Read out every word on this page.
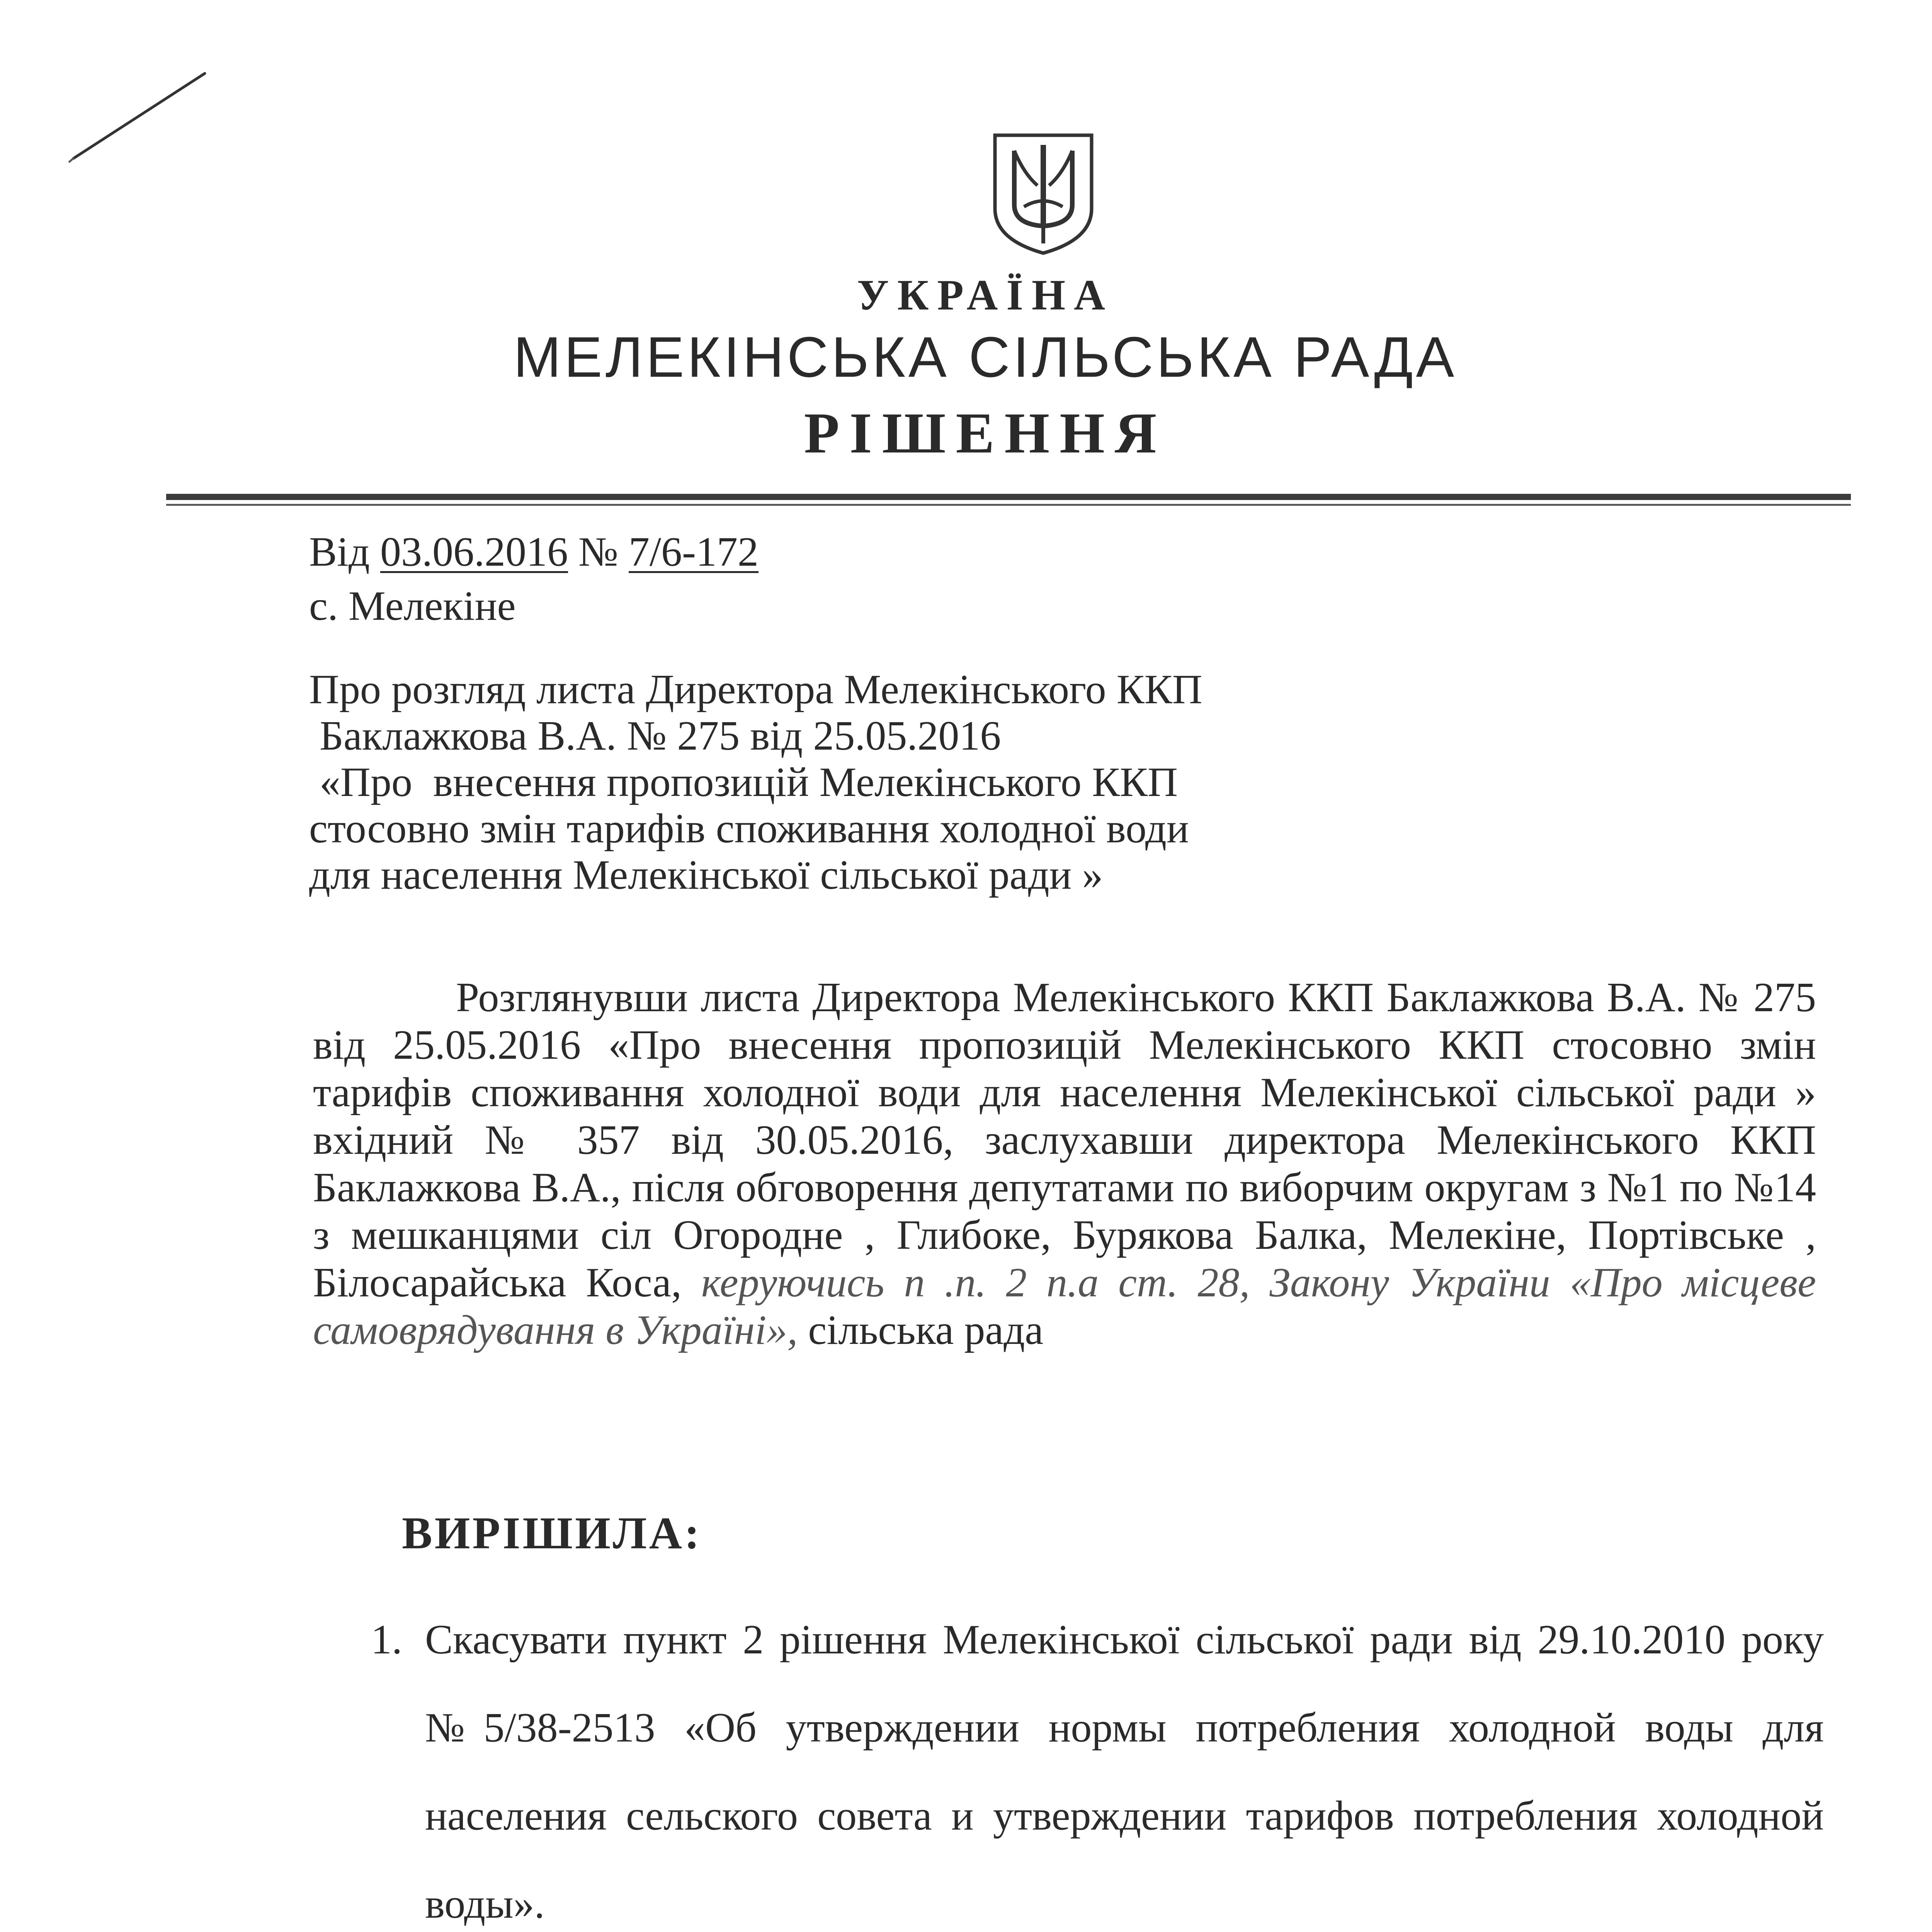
УКРАЇНА
МЕЛЕКІНСЬКА СІЛЬСЬКА РАДА
РІШЕННЯ
Від 03.06.2016 № 7/6-172
с. Мелекіне
Про розгляд листа Директора Мелекінського ККП
Баклажкова В.А. № 275 від 25.05.2016
«Про  внесення пропозицій Мелекінського ККП
стосовно змін тарифів споживання холодної води
для населення Мелекінської сільської ради »
Розглянувши листа Директора Мелекінського ККП Баклажкова В.А. № 275 від 25.05.2016 «Про внесення пропозицій Мелекінського ККП стосовно змін тарифів споживання холодної води для населення Мелекінської сільської ради » вхідний № 357 від 30.05.2016, заслухавши директора Мелекінського ККП Баклажкова В.А., після обговорення депутатами по виборчим округам з №1 по №14 з мешканцями сіл Огородне , Глибоке, Бурякова Балка, Мелекіне, Портівське , Білосарайська Коса, керуючись п .п. 2 п.а ст. 28, Закону України «Про місцеве самоврядування в Україні», сільська рада
ВИРІШИЛА:
1. Скасувати пункт 2 рішення Мелекінської сільської ради від 29.10.2010 року №5/38-2513 «Об утверждении нормы потребления холодной воды для населения сельского совета и утверждении тарифов потребления холодной воды».
